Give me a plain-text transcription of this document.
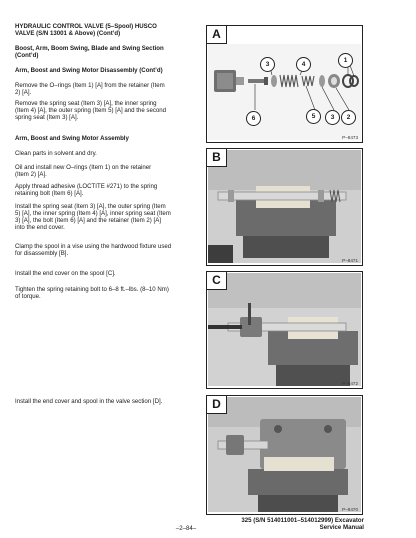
HYDRAULIC CONTROL VALVE (5–Spool) HUSCO
VALVE (S/N 13001 & Above) (Cont’d)
Boost, Arm, Boom Swing, Blade and Swing Section
(Cont’d)
Arm, Boost and Swing Motor Disassembly (Cont’d)
Remove the O–rings (Item 1) [A] from the retainer (Item
2) [A].
Remove the spring seat (Item 3) [A], the inner spring
(Item 4) [A], the outer spring (Item 5) [A] and the second
spring seat (Item 3) [A].
Arm, Boost and Swing Motor Assembly
Clean parts in solvent and dry.
Oil and install new O–rings (Item 1) on the retainer
(Item 2) [A].
Apply thread adhesive (LOCTITE #271) to the spring
retaining bolt (Item 6) [A].
Install the spring seat (Item 3) [A], the outer spring (Item
5) [A], the inner spring (Item 4) [A], inner spring seat (Item
3) [A], the bolt (Item 6) [A] and the retainer (Item 2) [A]
into the end cover.
Clamp the spool in a vise using the hardwood fixture used
for disassembly [B].
Install the end cover on the spool [C].
Tighten the spring retaining bolt to 6–8 ft.–lbs. (8–10 Nm)
of torque.
Install the end cover and spool in the valve section [D].
A
1
3	4
6	5	3	2
P–8473
B
P–8471
C
P–8472
D
P–8470
–2–84–
325 (S/N 514011001–514012999) Excavator
Service Manual
